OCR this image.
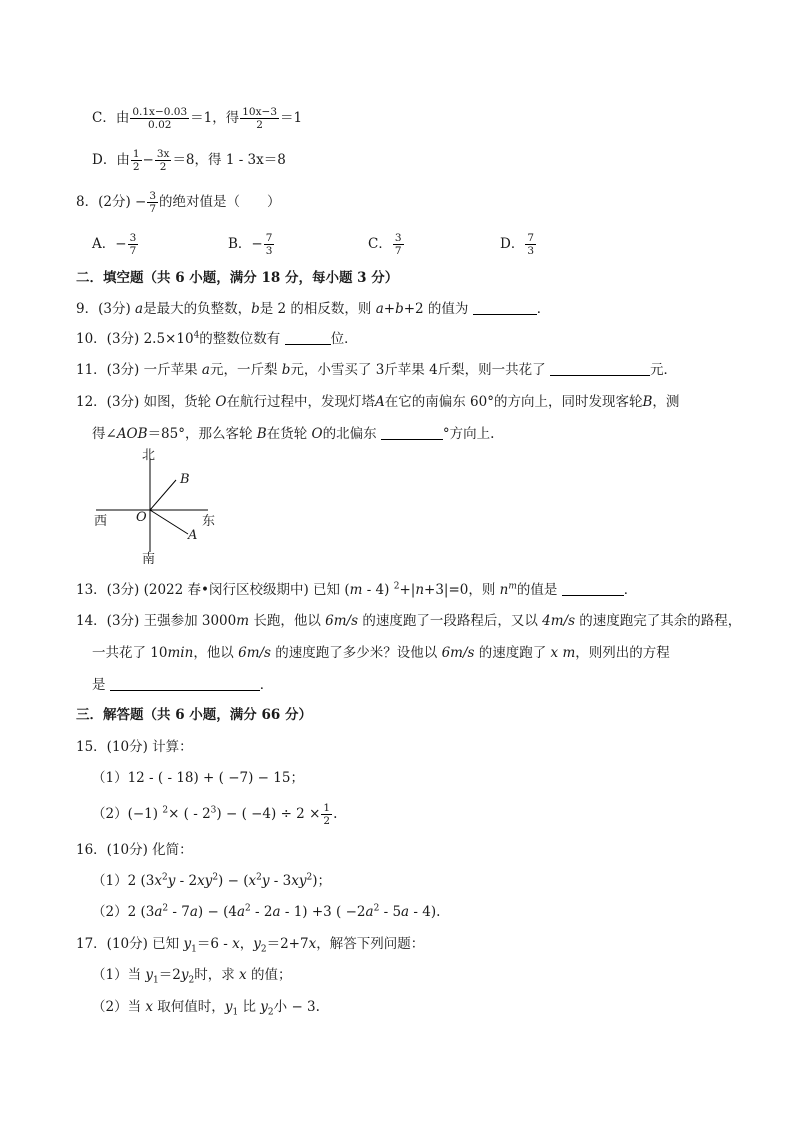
C．由 $\frac{0.1x-0.03}{0.02} =1$，得 $\frac{10x-3}{2} =1$
D．由 $\frac{1}{2} - \frac{3x}{2} =8$，得 1 - 3x＝8
8．(2分) − $\frac{3}{7}$ 的绝对值是（　　）
A．− $\frac{3}{7}$	B．− $\frac{7}{3}$	C． $\frac{3}{7}$	D． $\frac{7}{3}$
二．填空题（共 6 小题，满分 18 分，每小题 3 分）
9．(3分) a是最大的负整数，b是 2 的相反数，则 a+b+2 的值为	．
10．(3分) $2.5\times 10^4$的整数位数有	位．
11．(3分) 一斤苹果 a元，一斤梨 b元，小雪买了 3斤苹果 4斤梨，则一共花了	元．
12．(3分) 如图，货轮 O在航行过程中，发现灯塔A在它的南偏东 60°的方向上，同时发现客轮B，测
得∠AOB＝85°，那么客轮 B在货轮 O的北偏东	°方向上.
北
南
西	东
O
B
A
13．(3分) (2022 春•闵行区校级期中) 已知 (m - 4) $^2$+|n+3|=0，则 $n^m$的值是	．
14．(3分) 王强参加 3000m 长跑，他以 6m/s 的速度跑了一段路程后，又以 4m/s 的速度跑完了其余的路程，
一共花了 10min，他以 6m/s 的速度跑了多少米？设他以 6m/s 的速度跑了 x m，则列出的方程
是	．
三．解答题（共 6 小题，满分 66 分）
15．(10分) 计算：
（1）12 - ( - 18) + ( −7) − 15；
（2）(−1) $^2$× ( - $2^3$) − ( $-4) \div 2 \times \frac{1}{2}$ .
16．(10分) 化简：
（1）2 $(3x^2y - 2xy^2) - (x^2y - 3xy^2)$；
（2）2 $(3a^2 - 7a) - (4a^2 - 2a - 1) +3$ ( $-2a^2 - 5a - 4$).
17．(10分) 已知 $y_1=6 - x$，$y_2=2+7x$，解答下列问题：
（1）当 $y_1=2y_2$时，求 x 的值；
（2）当 x 取何值时，$y_1$ 比 $y_2$小 − 3.
